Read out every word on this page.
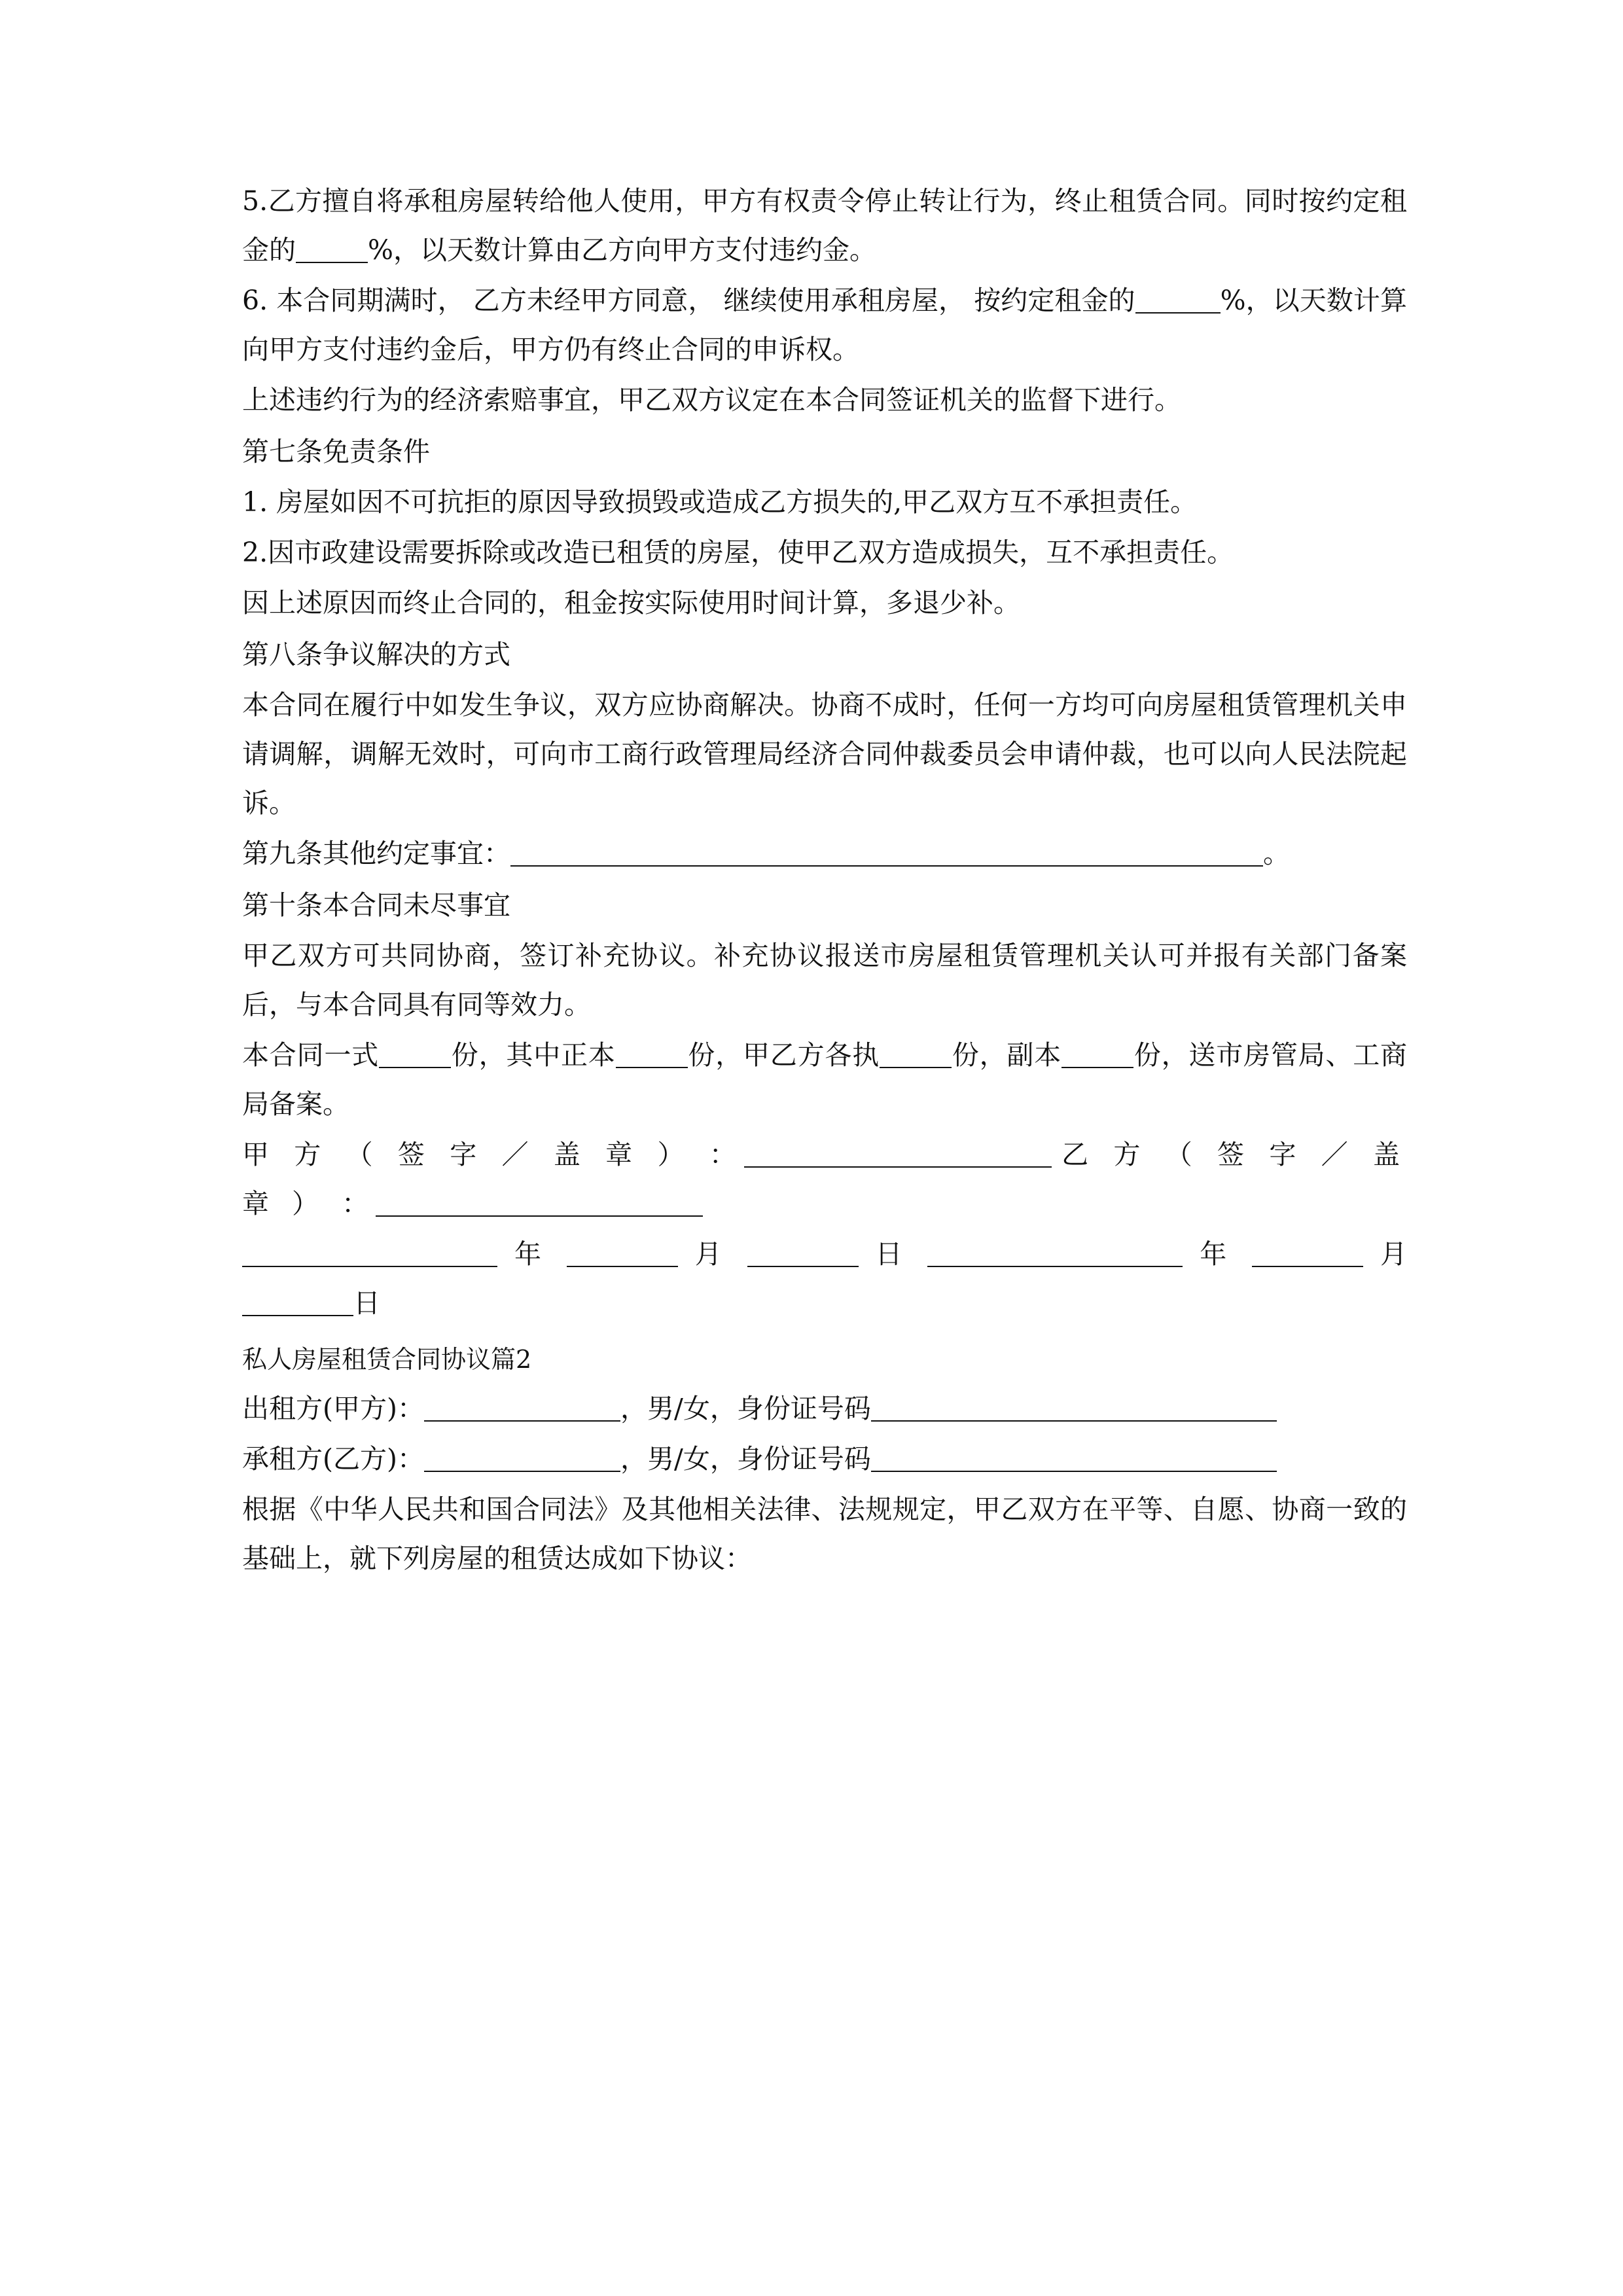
5.乙方擅自将承租房屋转给他人使用，甲方有权责令停止转让行为，终止租赁合同。同时按约定租金的	%，以天数计算由乙方向甲方支付违约金。

6. 本合同期满时， 乙方未经甲方同意， 继续使用承租房屋， 按约定租金的	%，以天数计算向甲方支付违约金后，甲方仍有终止合同的申诉权。

上述违约行为的经济索赔事宜，甲乙双方议定在本合同签证机关的监督下进行。

第七条免责条件

1. 房屋如因不可抗拒的原因导致损毁或造成乙方损失的,甲乙双方互不承担责任。

2.因市政建设需要拆除或改造已租赁的房屋，使甲乙双方造成损失，互不承担责任。

因上述原因而终止合同的，租金按实际使用时间计算，多退少补。

第八条争议解决的方式

本合同在履行中如发生争议，双方应协商解决。协商不成时，任何一方均可向房屋租赁管理机关申请调解，调解无效时，可向市工商行政管理局经济合同仲裁委员会申请仲裁，也可以向人民法院起诉。

第九条其他约定事宜：	。

第十条本合同未尽事宜

甲乙双方可共同协商，签订补充协议。补充协议报送市房屋租赁管理机关认可并报有关部门备案后，与本合同具有同等效力。

本合同一式	份，其中正本	份，甲乙方各执	份，副本	份，送市房管局、工商局备案。

甲 方 （ 签 字 ／ 盖 章 ） ：	乙 方 （ 签 字 ／ 盖 章 ） ：

年	月	日	年	月 日

私人房屋租赁合同协议篇2

出租方(甲方)：	，男/女，身份证号码

承租方(乙方)：	，男/女，身份证号码

根据《中华人民共和国合同法》及其他相关法律、法规规定，甲乙双方在平等、自愿、协商一致的基础上，就下列房屋的租赁达成如下协议：
